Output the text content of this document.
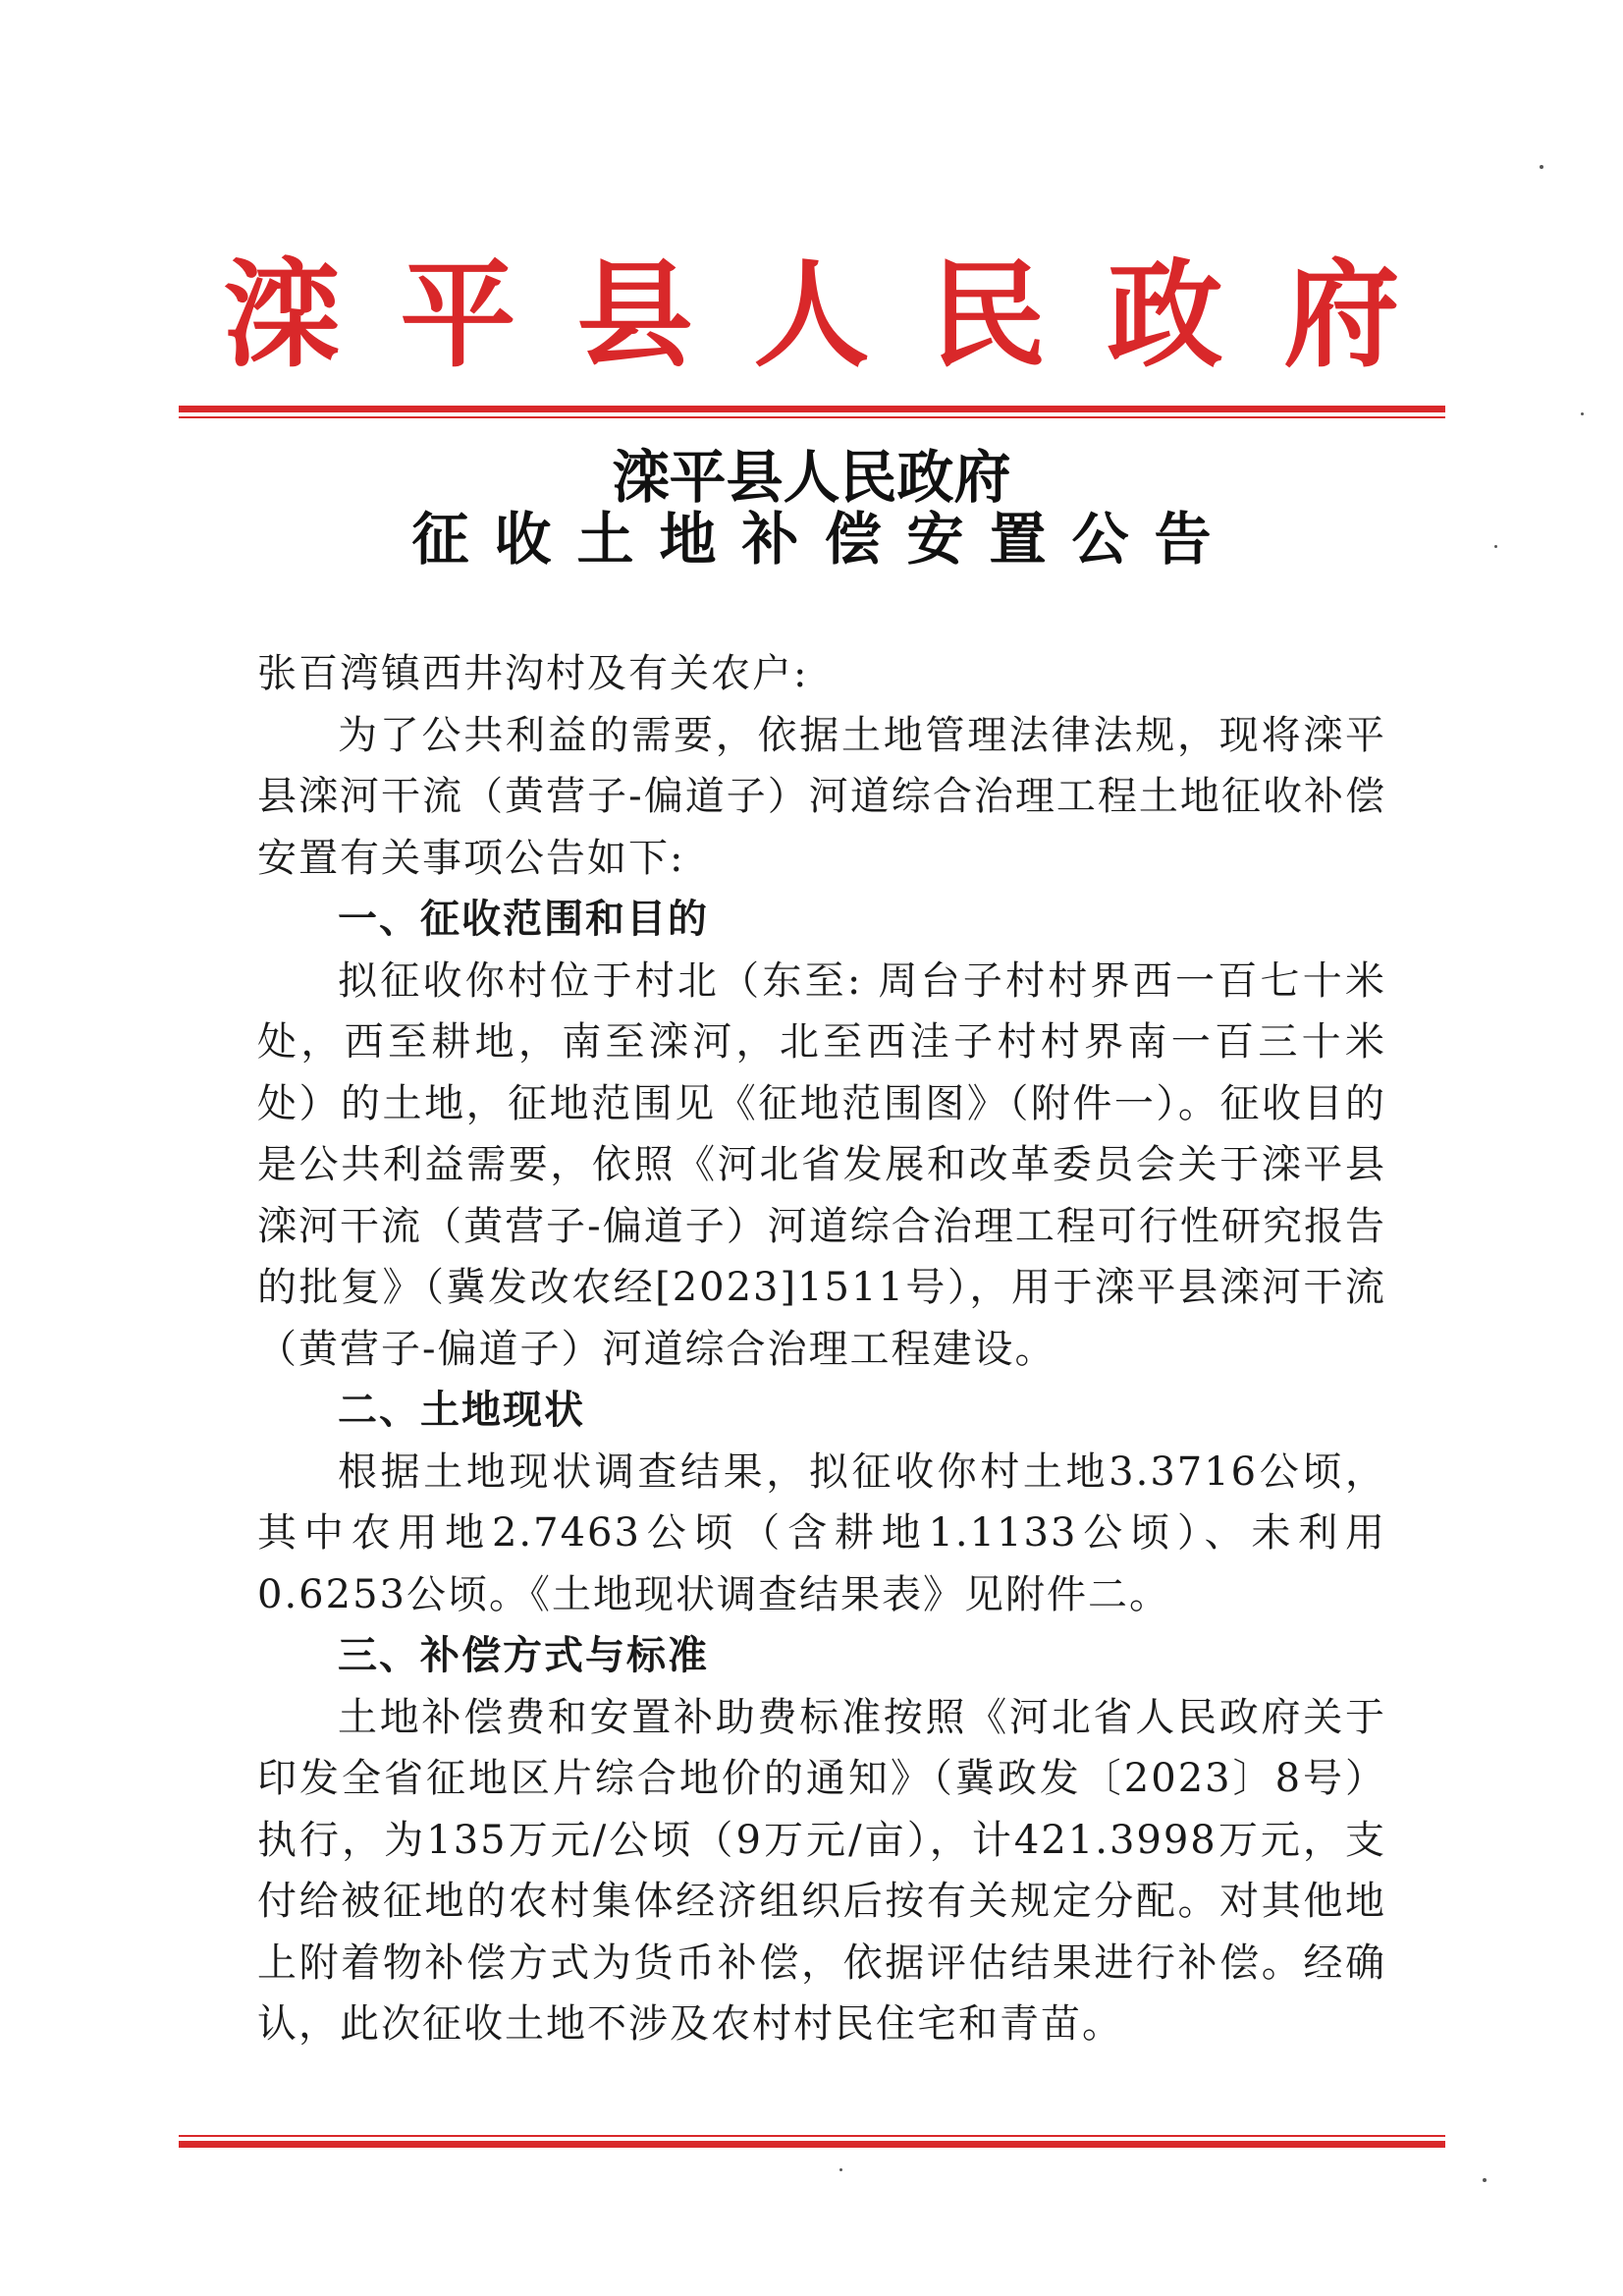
滦平县人民政府
滦平县人民政府
征收土地补偿安置公告

张百湾镇西井沟村及有关农户:

为了公共利益的需要，依据土地管理法律法规，现将滦平县滦河干流（黄营子-偏道子）河道综合治理工程土地征收补偿安置有关事项公告如下:

一、征收范围和目的

拟征收你村位于村北（东至: 周台子村村界西一百七十米处，西至耕地，南至滦河，北至西洼子村村界南一百三十米处）的土地，征地范围见《征地范围图》（附件一）。征收目的是公共利益需要，依照《河北省发展和改革委员会关于滦平县滦河干流（黄营子-偏道子）河道综合治理工程可行性研究报告的批复》（冀发改农经[2023]1511号），用于滦平县滦河干流（黄营子-偏道子）河道综合治理工程建设。

二、土地现状

根据土地现状调查结果，拟征收你村土地3.3716公顷，其中农用地2.7463公顷（含耕地1.1133公顷）、未利用0.6253公顷。《土地现状调查结果表》见附件二。

三、补偿方式与标准

土地补偿费和安置补助费标准按照《河北省人民政府关于印发全省征地区片综合地价的通知》（冀政发〔2023〕8号）执行，为135万元/公顷（9万元/亩），计421.3998万元，支付给被征地的农村集体经济组织后按有关规定分配。对其他地上附着物补偿方式为货币补偿，依据评估结果进行补偿。经确认，此次征收土地不涉及农村村民住宅和青苗。
